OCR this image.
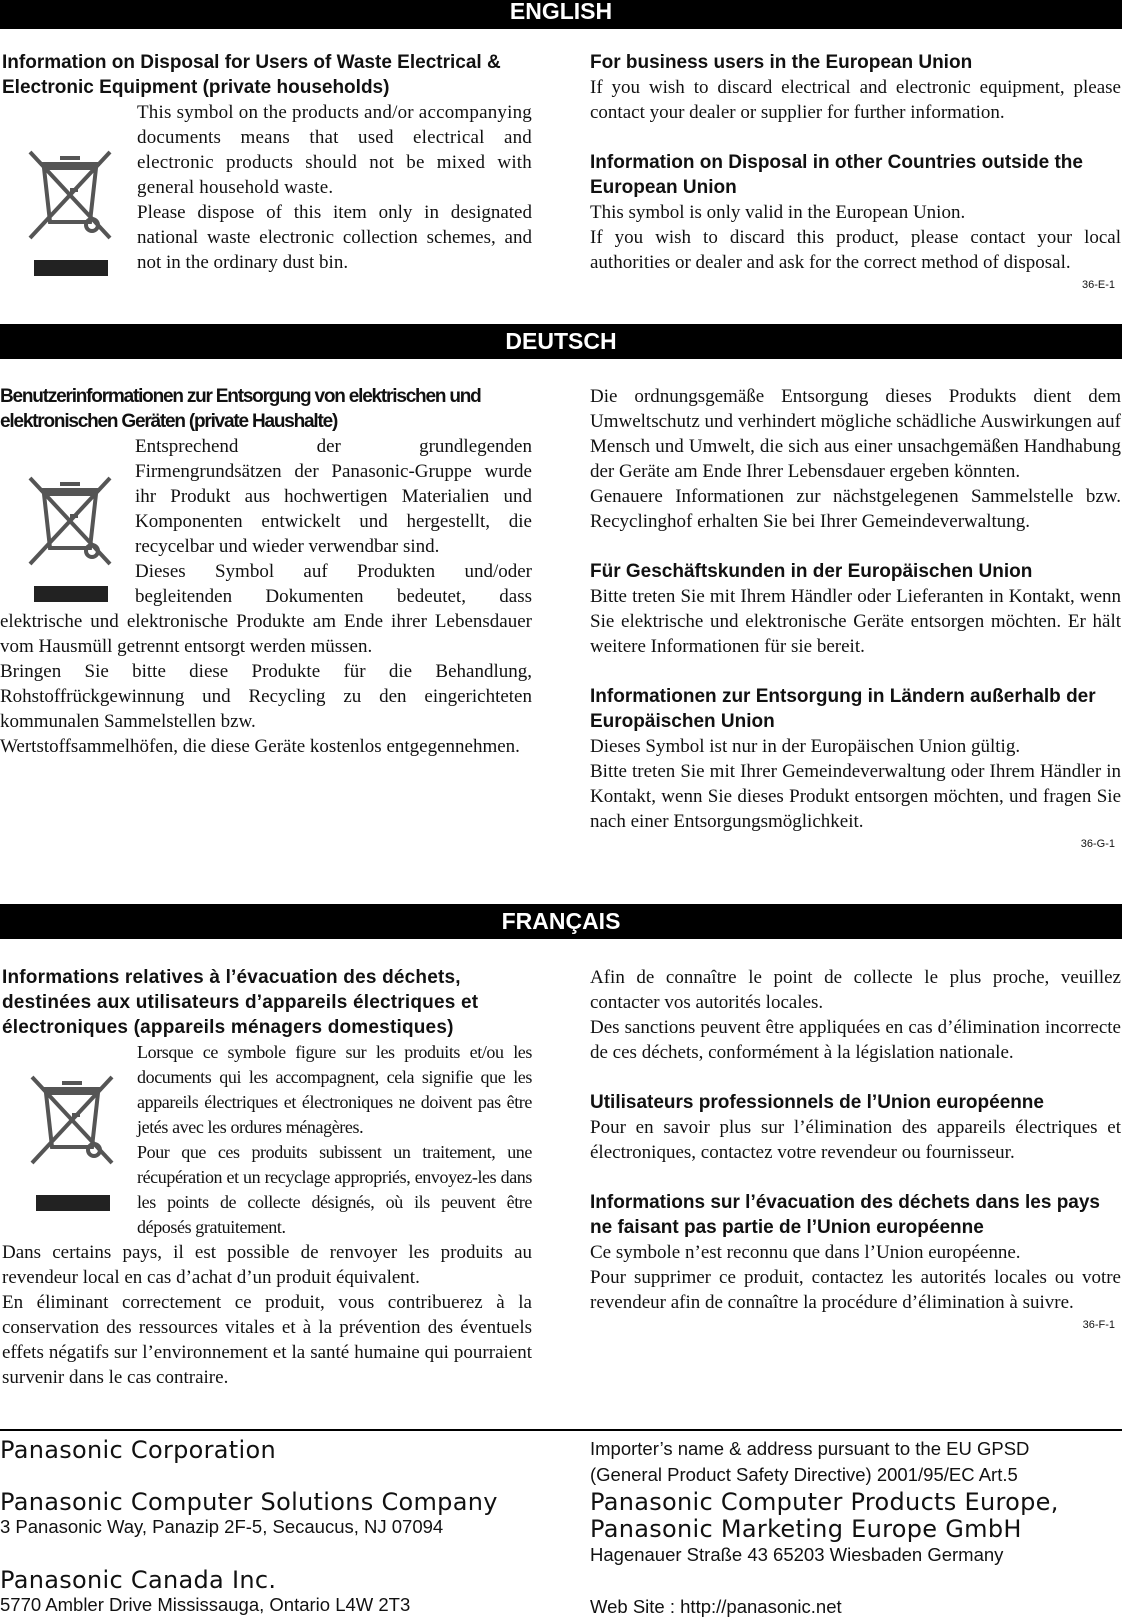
ENGLISH
Information on Disposal for Users of Waste Electrical & Electronic Equipment (private households)
This symbol on the products and/or accompanying documents means that used electrical and electronic products should not be mixed with general household waste.
Please dispose of this item only in designated national waste electronic collection schemes, and not in the ordinary dust bin.
For business users in the European Union
If you wish to discard electrical and electronic equipment, please contact your dealer or supplier for further information.
Information on Disposal in other Countries outside the European Union
This symbol is only valid in the European Union.
If you wish to discard this product, please contact your local authorities or dealer and ask for the correct method of disposal.
36-E-1
DEUTSCH
Benutzerinformationen zur Entsorgung von elektrischen und elektronischen Geräten (private Haushalte)
Entsprechend der grundlegenden Firmengrundsätzen der Panasonic-Gruppe wurde ihr Produkt aus hochwertigen Materialien und Komponenten entwickelt und hergestellt, die recycelbar und wieder verwendbar sind.
Dieses Symbol auf Produkten und/oder begleitenden Dokumenten bedeutet, dass elektrische und elektronische Produkte am Ende ihrer Lebensdauer vom Hausmüll getrennt entsorgt werden müssen.
Bringen Sie bitte diese Produkte für die Behandlung, Rohstoffrückgewinnung und Recycling zu den eingerichteten kommunalen Sammelstellen bzw.
Wertstoffsammelhöfen, die diese Geräte kostenlos entgegennehmen.
Die ordnungsgemäße Entsorgung dieses Produkts dient dem Umweltschutz und verhindert mögliche schädliche Auswirkungen auf Mensch und Umwelt, die sich aus einer unsachgemäßen Handhabung der Geräte am Ende Ihrer Lebensdauer ergeben könnten.
Genauere Informationen zur nächstgelegenen Sammelstelle bzw. Recyclinghof erhalten Sie bei Ihrer Gemeindeverwaltung.
Für Geschäftskunden in der Europäischen Union
Bitte treten Sie mit Ihrem Händler oder Lieferanten in Kontakt, wenn Sie elektrische und elektronische Geräte entsorgen möchten. Er hält weitere Informationen für sie bereit.
Informationen zur Entsorgung in Ländern außerhalb der Europäischen Union
Dieses Symbol ist nur in der Europäischen Union gültig.
Bitte treten Sie mit Ihrer Gemeindeverwaltung oder Ihrem Händler in Kontakt, wenn Sie dieses Produkt entsorgen möchten, und fragen Sie nach einer Entsorgungsmöglichkeit.
36-G-1
FRANÇAIS
Informations relatives à l’évacuation des déchets, destinées aux utilisateurs d’appareils électriques et électroniques (appareils ménagers domestiques)
Lorsque ce symbole figure sur les produits et/ou les documents qui les accompagnent, cela signifie que les appareils électriques et électroniques ne doivent pas être jetés avec les ordures ménagères.
Pour que ces produits subissent un traitement, une récupération et un recyclage appropriés, envoyez-les dans les points de collecte désignés, où ils peuvent être déposés gratuitement.
Dans certains pays, il est possible de renvoyer les produits au revendeur local en cas d’achat d’un produit équivalent.
En éliminant correctement ce produit, vous contribuerez à la conservation des ressources vitales et à la prévention des éventuels effets négatifs sur l’environnement et la santé humaine qui pourraient survenir dans le cas contraire.
Afin de connaître le point de collecte le plus proche, veuillez contacter vos autorités locales.
Des sanctions peuvent être appliquées en cas d’élimination incorrecte de ces déchets, conformément à la législation nationale.
Utilisateurs professionnels de l’Union européenne
Pour en savoir plus sur l’élimination des appareils électriques et électroniques, contactez votre revendeur ou fournisseur.
Informations sur l’évacuation des déchets dans les pays ne faisant pas partie de l’Union européenne
Ce symbole n’est reconnu que dans l’Union européenne.
Pour supprimer ce produit, contactez les autorités locales ou votre revendeur afin de connaître la procédure d’élimination à suivre.
36-F-1
Panasonic Corporation
Panasonic Computer Solutions Company
3 Panasonic Way, Panazip 2F-5, Secaucus, NJ 07094
Panasonic Canada Inc.
5770 Ambler Drive Mississauga, Ontario L4W 2T3
Importer’s name & address pursuant to the EU GPSD
(General Product Safety Directive) 2001/95/EC Art.5
Panasonic Computer Products Europe,
Panasonic Marketing Europe GmbH
Hagenauer Straße 43 65203 Wiesbaden Germany
Web Site : http://panasonic.net
